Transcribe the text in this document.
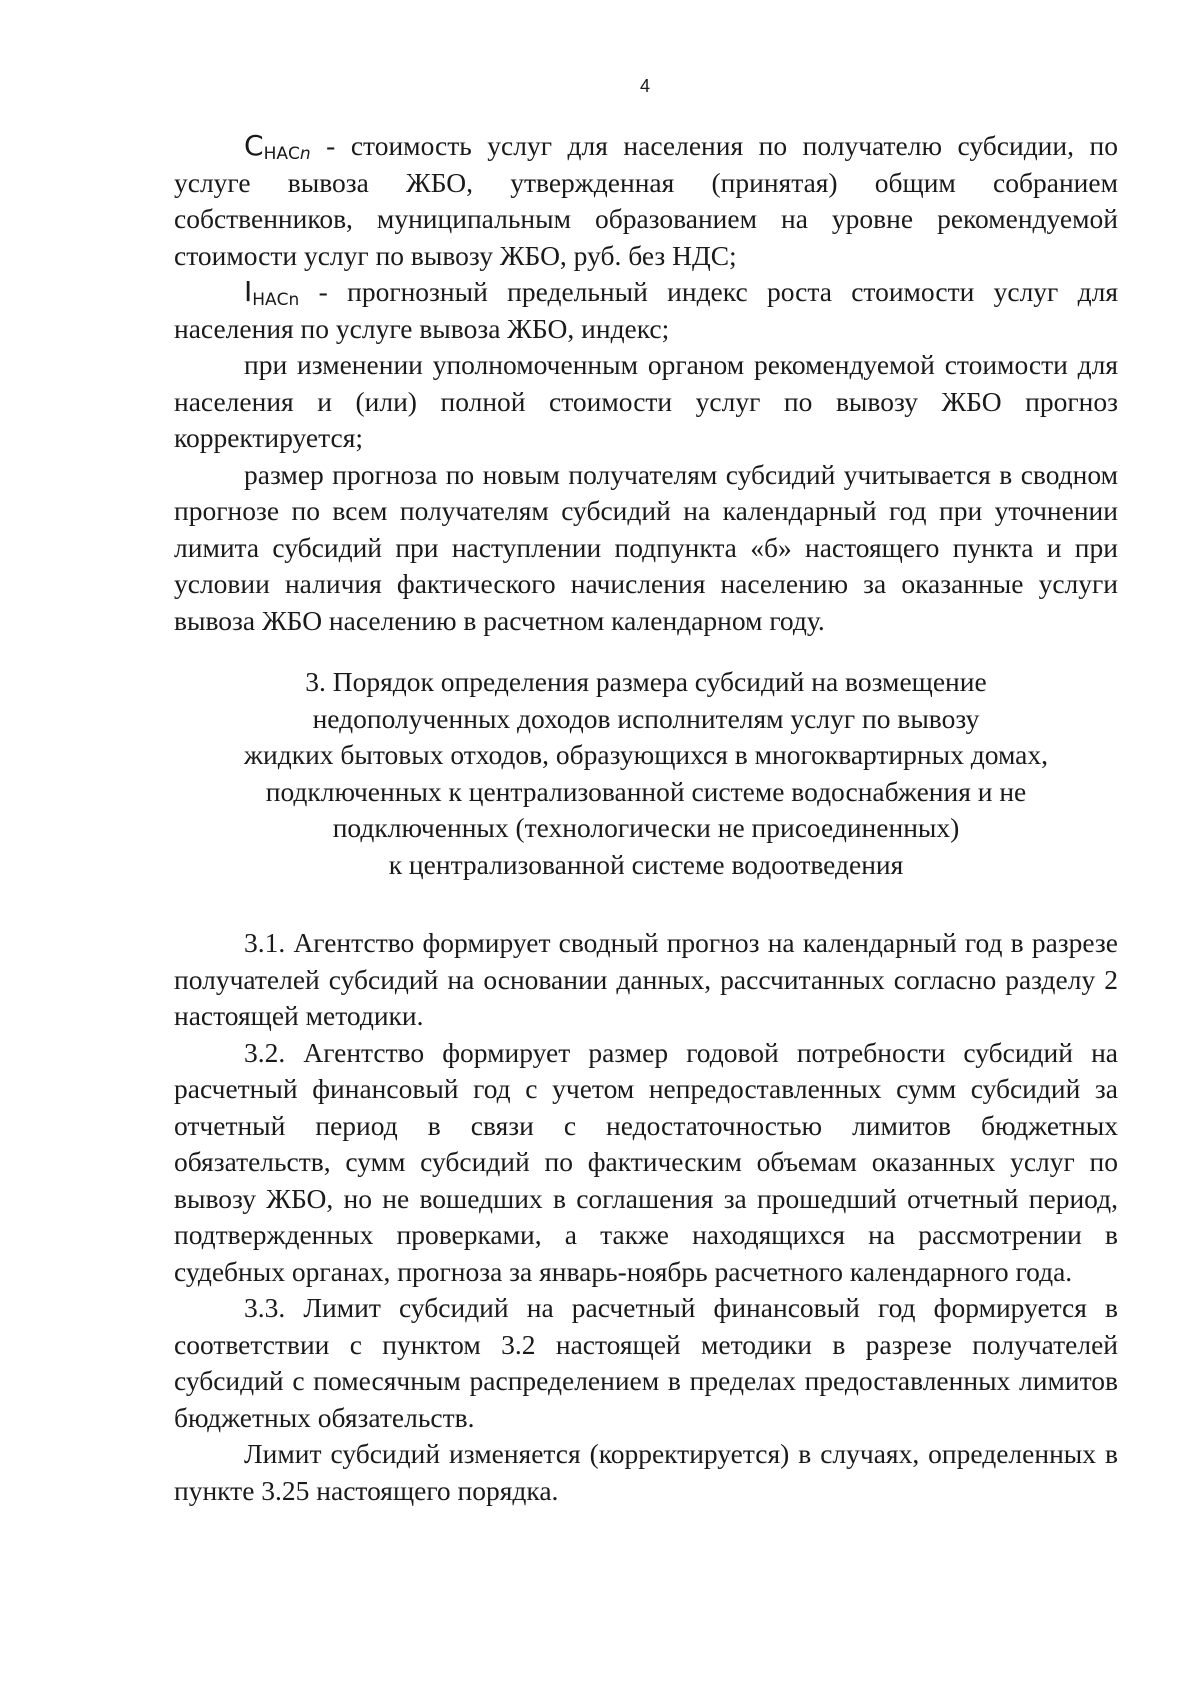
4

$C_{НАСn}$ - стоимость услуг для населения по получателю субсидии, по услуге вывоза ЖБО, утвержденная (принятая) общим собранием собственников, муниципальным образованием на уровне рекомендуемой стоимости услуг по вывозу ЖБО, руб. без НДС;

$I_{НАСn}$ - прогнозный предельный индекс роста стоимости услуг для населения по услуге вывоза ЖБО, индекс;

при изменении уполномоченным органом рекомендуемой стоимости для населения и (или) полной стоимости услуг по вывозу ЖБО прогноз корректируется;

размер прогноза по новым получателям субсидий учитывается в сводном прогнозе по всем получателям субсидий на календарный год при уточнении лимита субсидий при наступлении подпункта «б» настоящего пункта и при условии наличия фактического начисления населению за оказанные услуги вывоза ЖБО населению в расчетном календарном году.

3. Порядок определения размера субсидий на возмещение
недополученных доходов исполнителям услуг по вывозу
жидких бытовых отходов, образующихся в многоквартирных домах,
подключенных к централизованной системе водоснабжения и не
подключенных (технологически не присоединенных)
к централизованной системе водоотведения

3.1. Агентство формирует сводный прогноз на календарный год в разрезе получателей субсидий на основании данных, рассчитанных согласно разделу 2 настоящей методики.

3.2. Агентство формирует размер годовой потребности субсидий на расчетный финансовый год с учетом непредоставленных сумм субсидий за отчетный период в связи с недостаточностью лимитов бюджетных обязательств, сумм субсидий по фактическим объемам оказанных услуг по вывозу ЖБО, но не вошедших в соглашения за прошедший отчетный период, подтвержденных проверками, а также находящихся на рассмотрении в судебных органах, прогноза за январь-ноябрь расчетного календарного года.

3.3. Лимит субсидий на расчетный финансовый год формируется в соответствии с пунктом 3.2 настоящей методики в разрезе получателей субсидий с помесячным распределением в пределах предоставленных лимитов бюджетных обязательств.

Лимит субсидий изменяется (корректируется) в случаях, определенных в пункте 3.25 настоящего порядка.
